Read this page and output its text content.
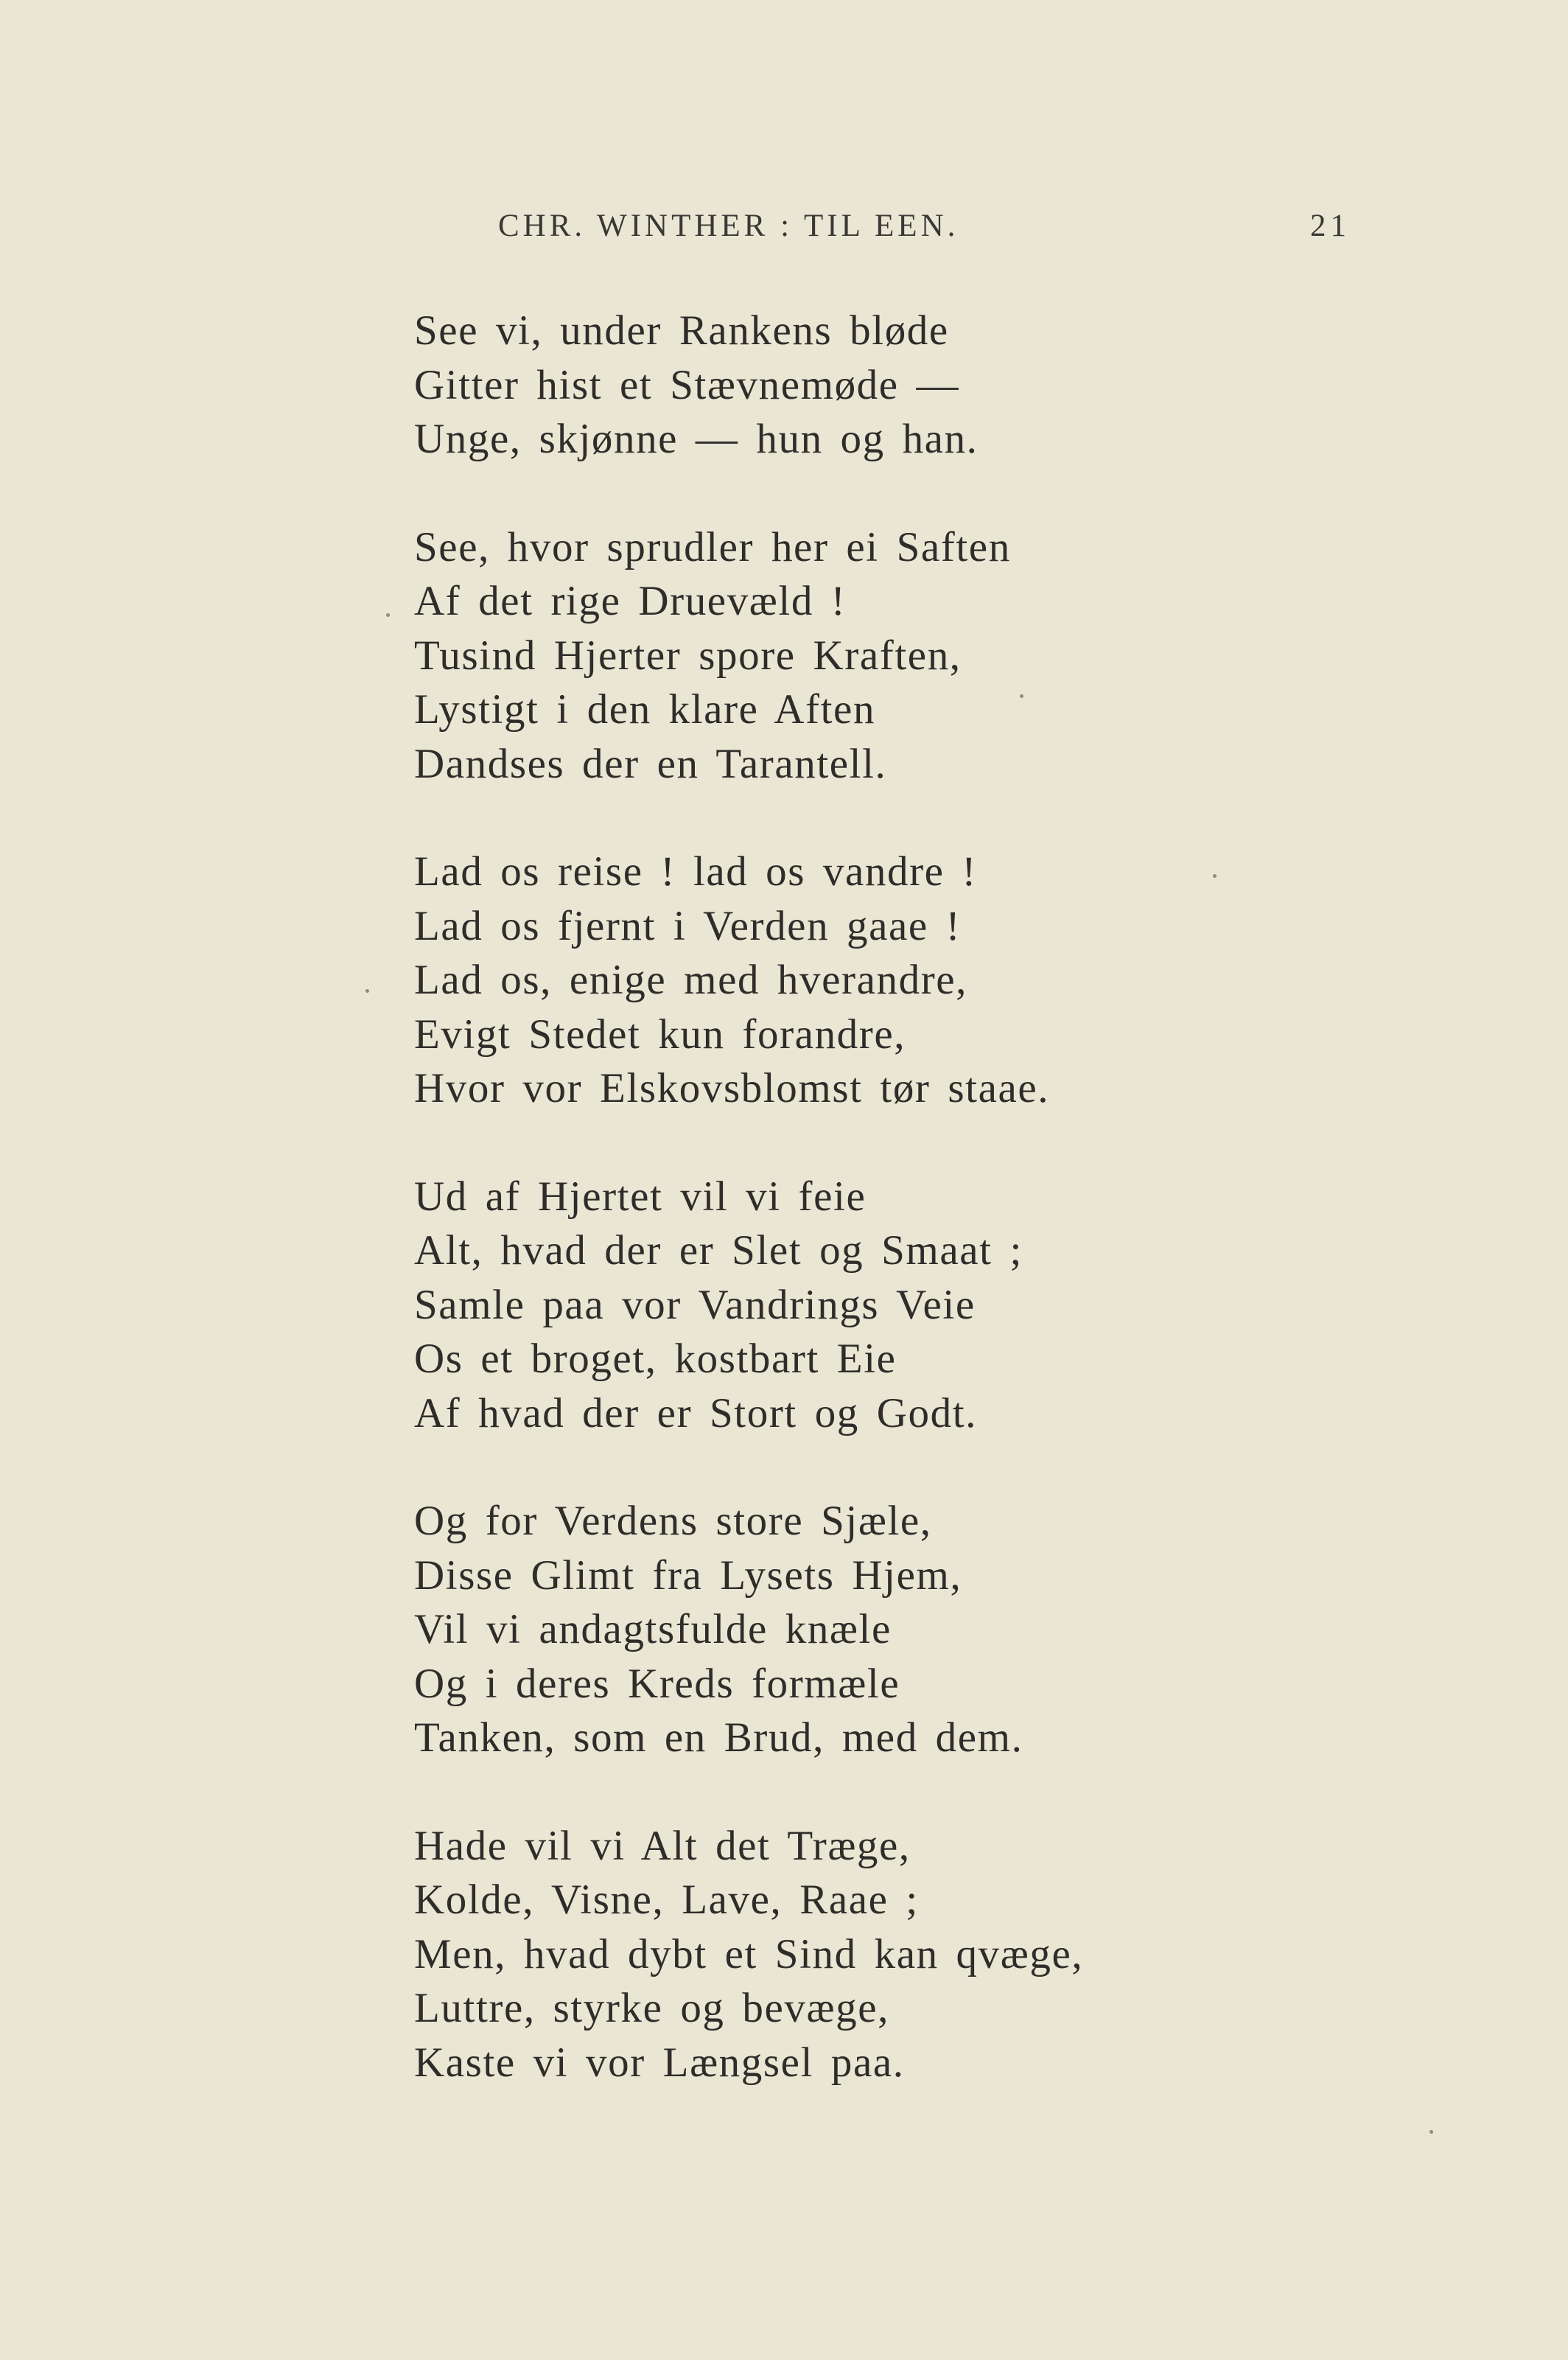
CHR. WINTHER : TIL EEN.	21
See vi, under Rankens bløde
Gitter hist et Stævnemøde —
Unge, skjønne — hun og han.
See, hvor sprudler her ei Saften
Af det rige Druevæld !
Tusind Hjerter spore Kraften,
Lystigt i den klare Aften
Dandses der en Tarantell.
Lad os reise ! lad os vandre !
Lad os fjernt i Verden gaae !
Lad os, enige med hverandre,
Evigt Stedet kun forandre,
Hvor vor Elskovsblomst tør staae.
Ud af Hjertet vil vi feie
Alt, hvad der er Slet og Smaat ;
Samle paa vor Vandrings Veie
Os et broget, kostbart Eie
Af hvad der er Stort og Godt.
Og for Verdens store Sjæle,
Disse Glimt fra Lysets Hjem,
Vil vi andagtsfulde knæle
Og i deres Kreds formæle
Tanken, som en Brud, med dem.
Hade vil vi Alt det Træge,
Kolde, Visne, Lave, Raae ;
Men, hvad dybt et Sind kan qvæge,
Luttre, styrke og bevæge,
Kaste vi vor Længsel paa.
